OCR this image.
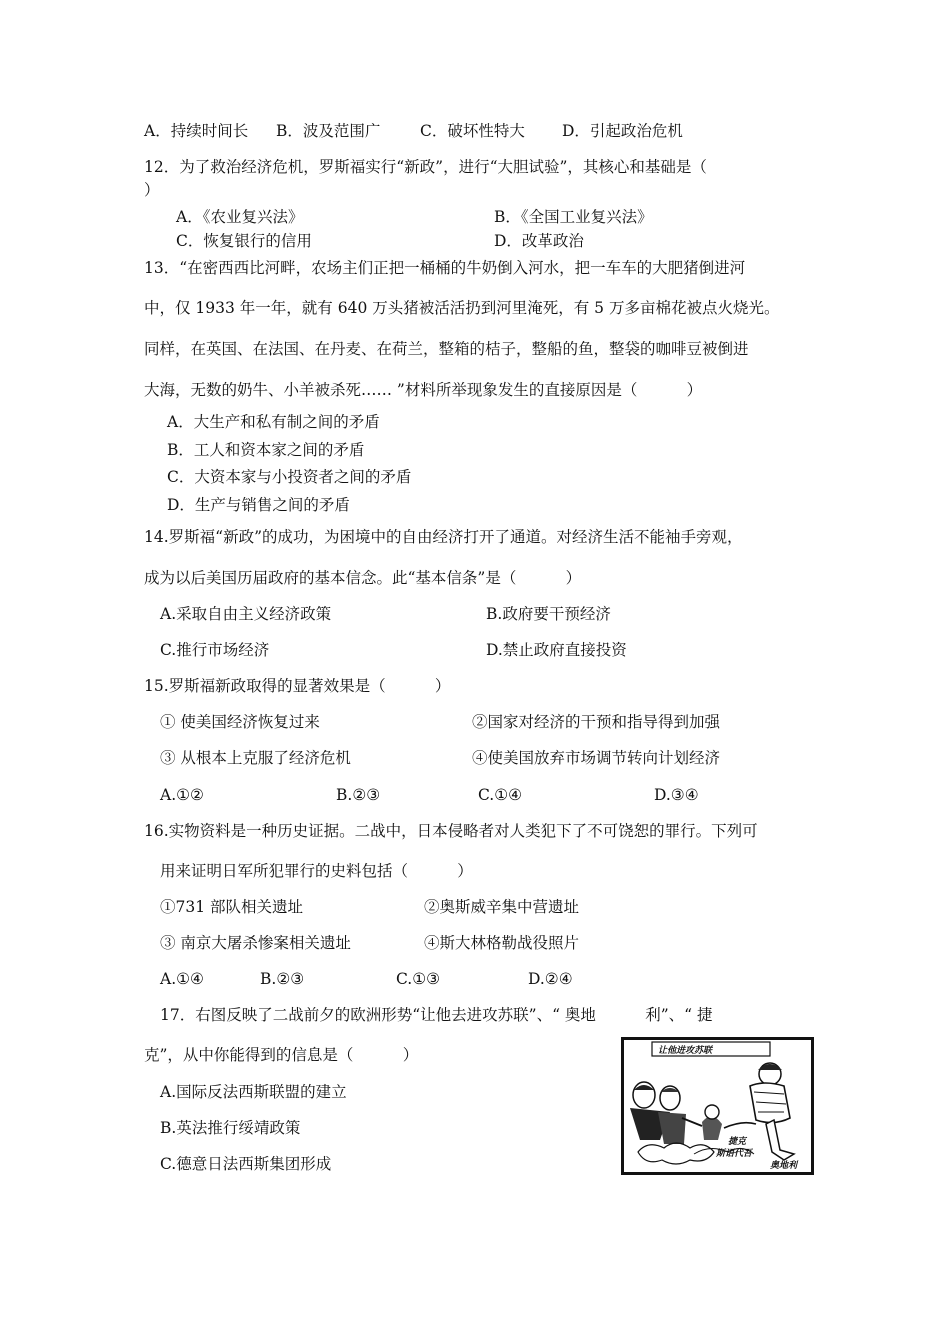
A．持续时间长 B．波及范围广	C．破坏性特大 D．引起政治危机
12．为了救治经济危机，罗斯福实行“新政”，进行“大胆试验”，其核心和基础是（
）
A．《农业复兴法》	B．《全国工业复兴法》
C．恢复银行的信用	D．改革政治
13．“在密西西比河畔，农场主们正把一桶桶的牛奶倒入河水，把一车车的大肥猪倒进河
中，仅 1933 年一年，就有 640 万头猪被活活扔到河里淹死，有 5 万多亩棉花被点火烧光。
同样，在英国、在法国、在丹麦、在荷兰，整箱的桔子，整船的鱼，整袋的咖啡豆被倒进
大海，无数的奶牛、小羊被杀死…… ”材料所举现象发生的直接原因是（          ）
A．大生产和私有制之间的矛盾
B．工人和资本家之间的矛盾
C．大资本家与小投资者之间的矛盾
D．生产与销售之间的矛盾
14.罗斯福“新政”的成功，为困境中的自由经济打开了通道。对经济生活不能袖手旁观，
成为以后美国历届政府的基本信念。此“基本信条”是（          ）
A.采取自由主义经济政策	B.政府要干预经济
C.推行市场经济	D.禁止政府直接投资
15.罗斯福新政取得的显著效果是（          ）
① 使美国经济恢复过来	②国家对经济的干预和指导得到加强
③ 从根本上克服了经济危机	④使美国放弃市场调节转向计划经济
A.①②	B.②③	C.①④	D.③④
16.实物资料是一种历史证据。二战中，日本侵略者对人类犯下了不可饶恕的罪行。下列可
用来证明日军所犯罪行的史料包括（          ）
①731 部队相关遗址	②奥斯威辛集中营遗址
③ 南京大屠杀惨案相关遗址	④斯大林格勒战役照片
A.①④	B.②③	C.①③	D.②④
17．右图反映了二战前夕的欧洲形势“让他去进攻苏联”、“ 奥地          利”、“ 捷
克”，从中你能得到的信息是（          ）
A.国际反法西斯联盟的建立
B.英法推行绥靖政策
C.德意日法西斯集团形成
让他进攻苏联
捷克
斯语代吾
奥地利
